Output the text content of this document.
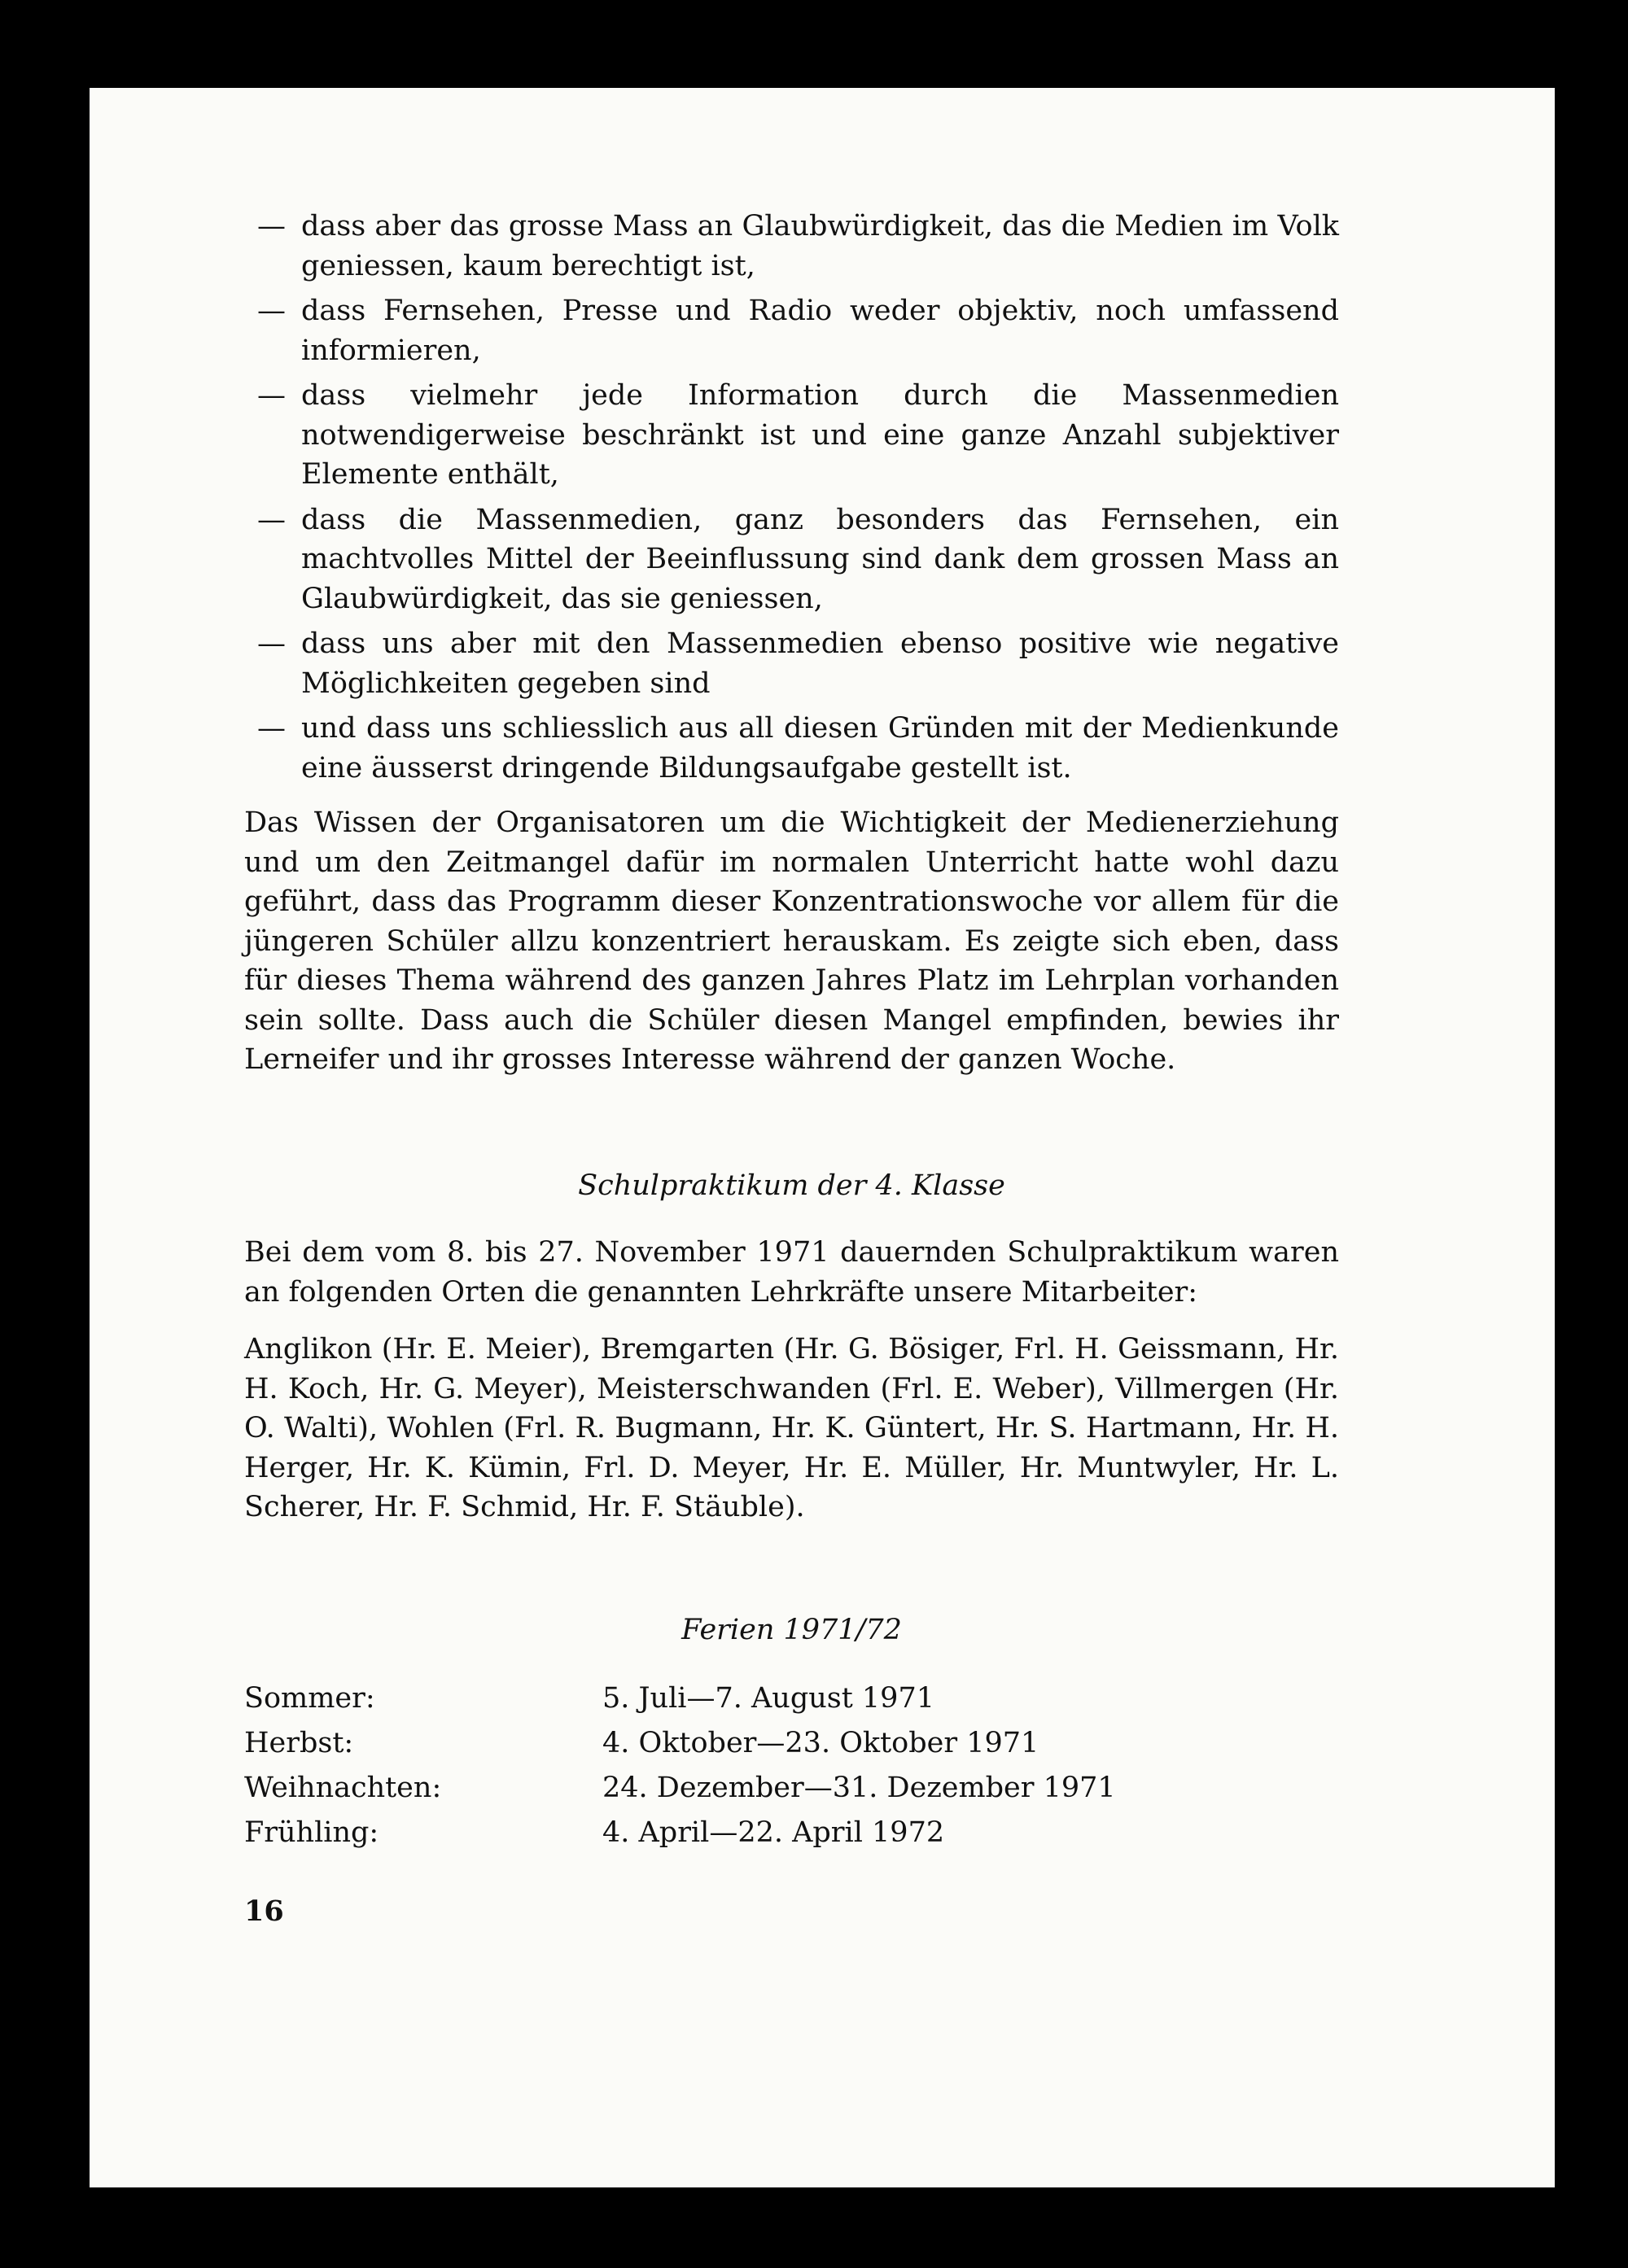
— dass aber das grosse Mass an Glaubwürdigkeit, das die Medien im Volk geniessen, kaum berechtigt ist,
— dass Fernsehen, Presse und Radio weder objektiv, noch umfassend informieren,
— dass vielmehr jede Information durch die Massenmedien notwendigerweise beschränkt ist und eine ganze Anzahl subjektiver Elemente enthält,
— dass die Massenmedien, ganz besonders das Fernsehen, ein machtvolles Mittel der Beeinflussung sind dank dem grossen Mass an Glaubwürdigkeit, das sie geniessen,
— dass uns aber mit den Massenmedien ebenso positive wie negative Möglichkeiten gegeben sind
— und dass uns schliesslich aus all diesen Gründen mit der Medienkunde eine äusserst dringende Bildungsaufgabe gestellt ist.

Das Wissen der Organisatoren um die Wichtigkeit der Medienerziehung und um den Zeitmangel dafür im normalen Unterricht hatte wohl dazu geführt, dass das Programm dieser Konzentrationswoche vor allem für die jüngeren Schüler allzu konzentriert herauskam. Es zeigte sich eben, dass für dieses Thema während des ganzen Jahres Platz im Lehrplan vorhanden sein sollte. Dass auch die Schüler diesen Mangel empfinden, bewies ihr Lerneifer und ihr grosses Interesse während der ganzen Woche.

Schulpraktikum der 4. Klasse

Bei dem vom 8. bis 27. November 1971 dauernden Schulpraktikum waren an folgenden Orten die genannten Lehrkräfte unsere Mitarbeiter:

Anglikon (Hr. E. Meier), Bremgarten (Hr. G. Bösiger, Frl. H. Geissmann, Hr. H. Koch, Hr. G. Meyer), Meisterschwanden (Frl. E. Weber), Villmergen (Hr. O. Walti), Wohlen (Frl. R. Bugmann, Hr. K. Güntert, Hr. S. Hartmann, Hr. H. Herger, Hr. K. Kümin, Frl. D. Meyer, Hr. E. Müller, Hr. Muntwyler, Hr. L. Scherer, Hr. F. Schmid, Hr. F. Stäuble).

Ferien 1971/72

Sommer:	5. Juli—7. August 1971
Herbst:	4. Oktober—23. Oktober 1971
Weihnachten:	24. Dezember—31. Dezember 1971
Frühling:	4. April—22. April 1972
16
